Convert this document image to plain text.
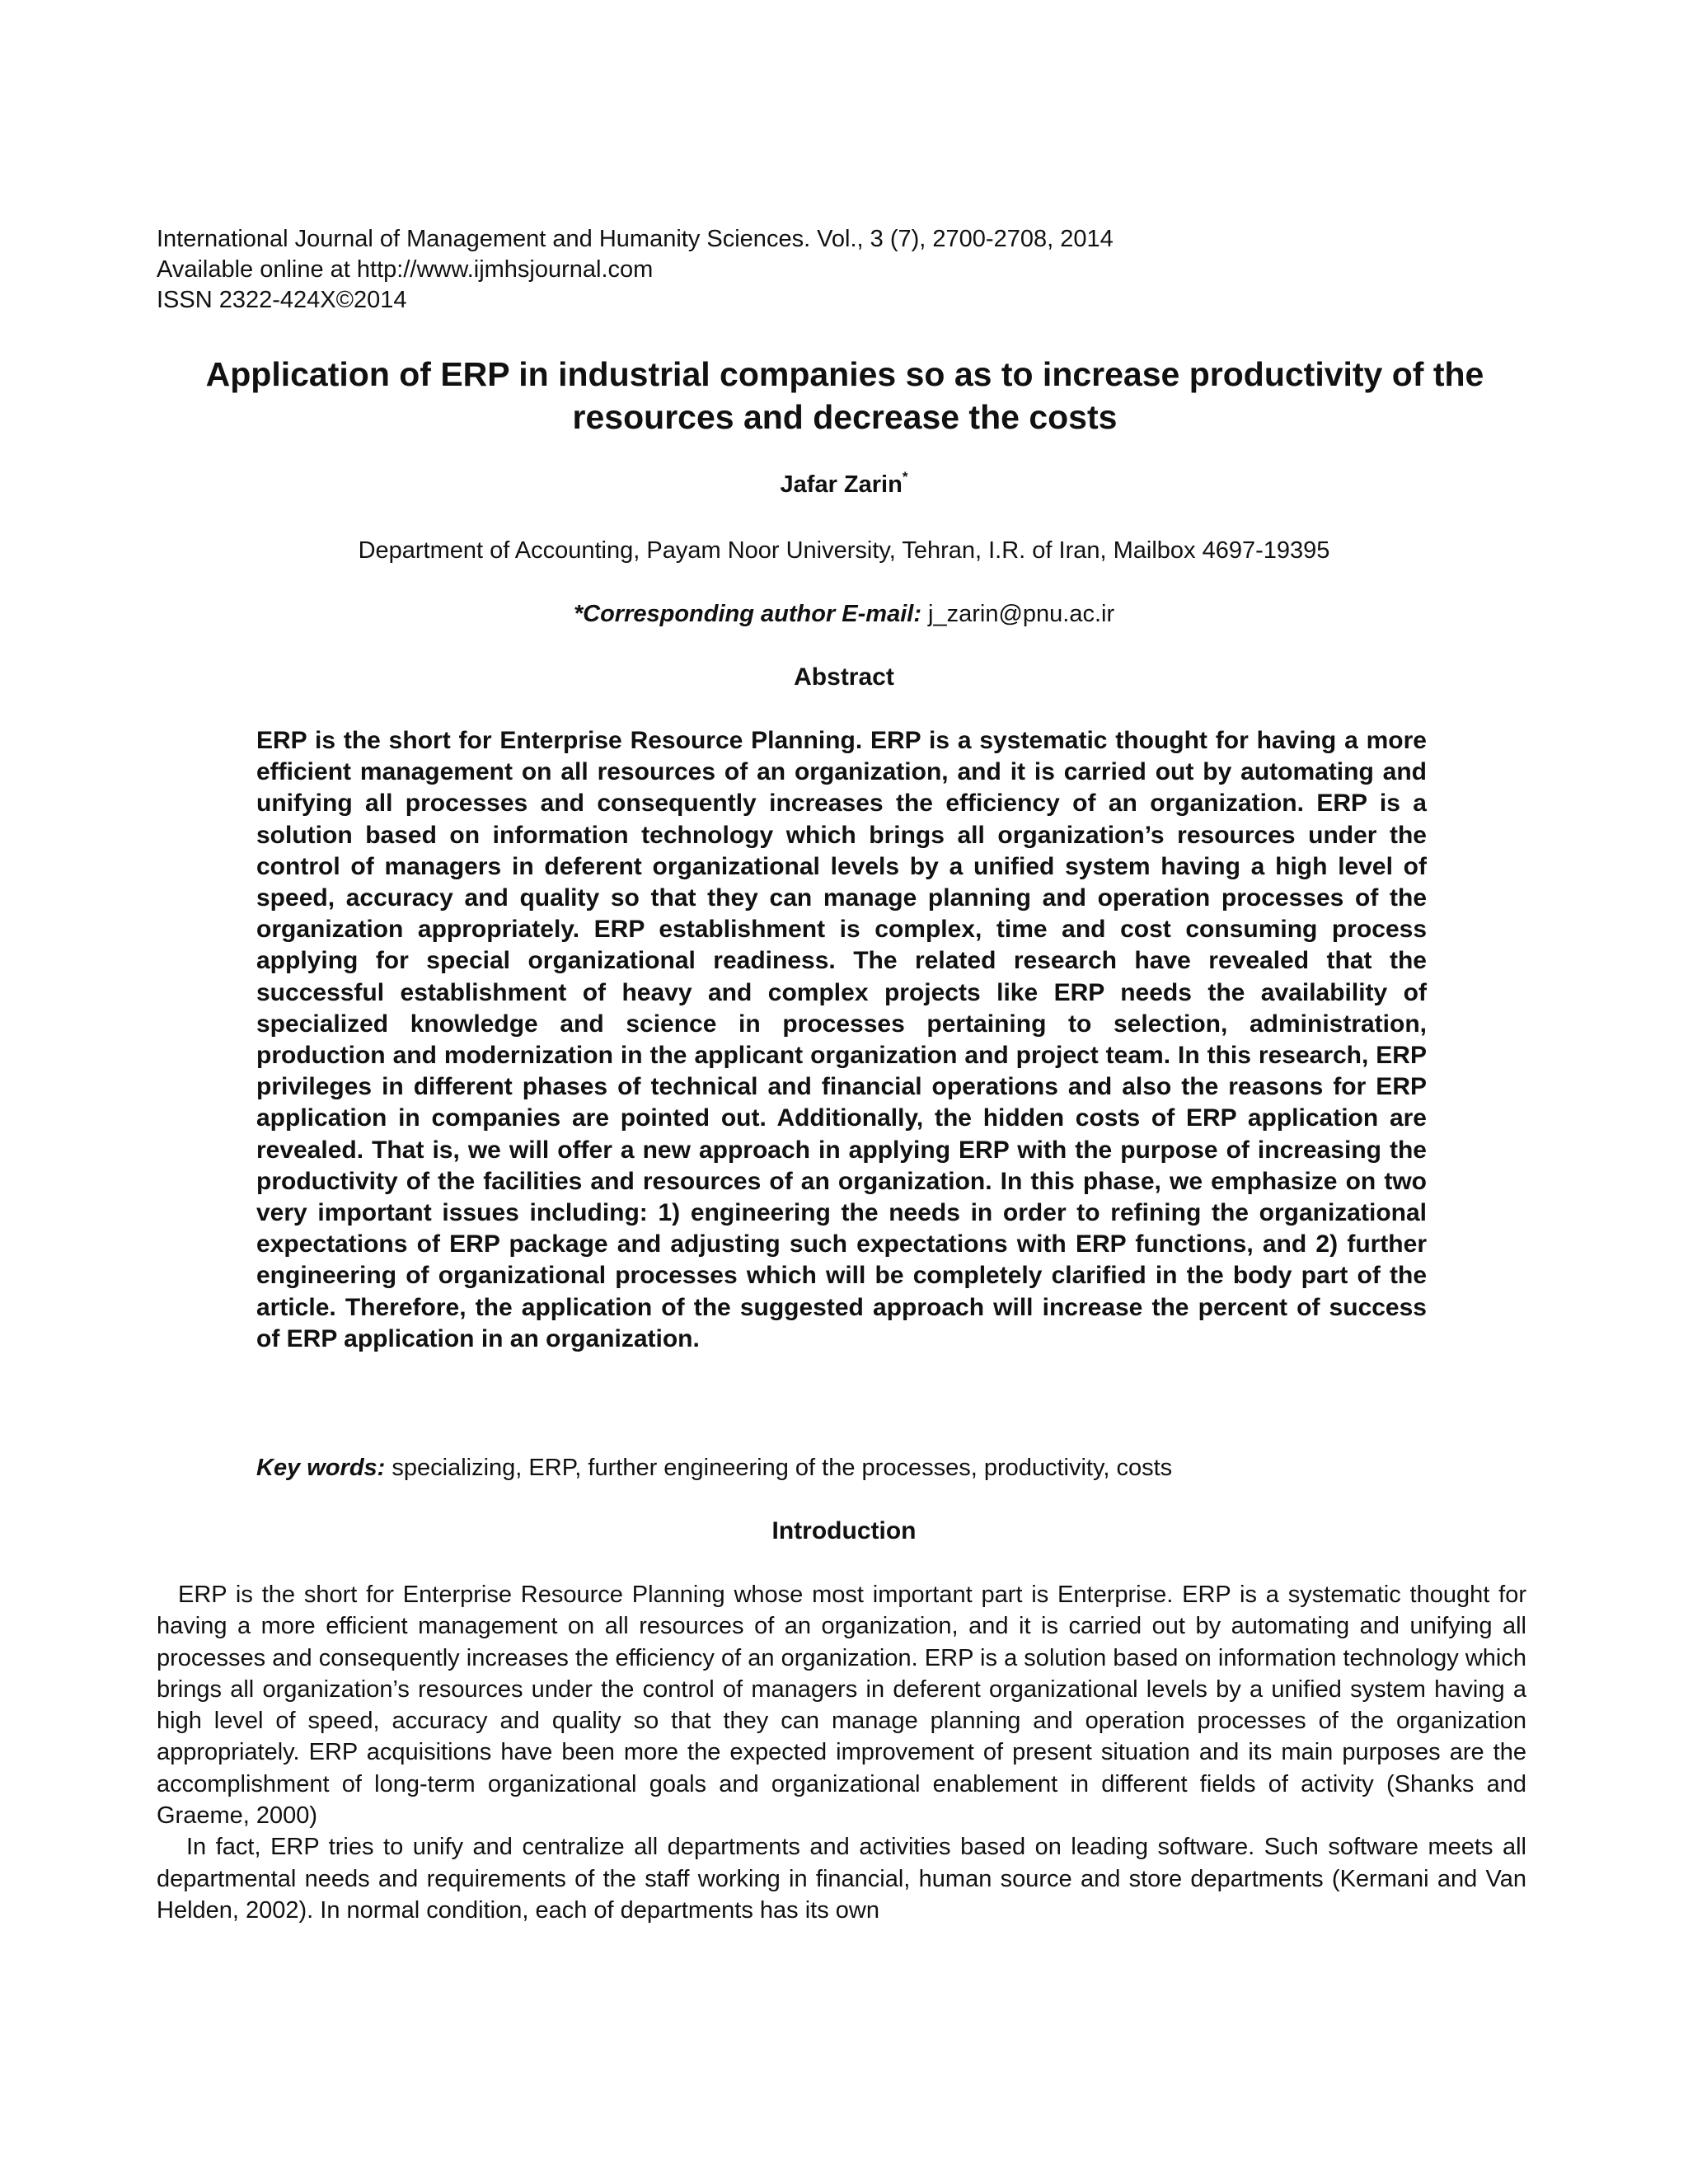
International Journal of Management and Humanity Sciences. Vol., 3 (7), 2700-2708, 2014
Available online at http://www.ijmhsjournal.com
ISSN 2322-424X©2014
Application of ERP in industrial companies so as to increase productivity of the resources and decrease the costs
Jafar Zarin*
Department of Accounting, Payam Noor University, Tehran, I.R. of Iran, Mailbox 4697-19395
*Corresponding author E-mail: j_zarin@pnu.ac.ir
Abstract

ERP is the short for Enterprise Resource Planning. ERP is a systematic thought for having a more efficient management on all resources of an organization, and it is carried out by automating and unifying all processes and consequently increases the efficiency of an organization. ERP is a solution based on information technology which brings all organization’s resources under the control of managers in deferent organizational levels by a unified system having a high level of speed, accuracy and quality so that they can manage planning and operation processes of the organization appropriately. ERP establishment is complex, time and cost consuming process applying for special organizational readiness. The related research have revealed that the successful establishment of heavy and complex projects like ERP needs the availability of specialized knowledge and science in processes pertaining to selection, administration, production and modernization in the applicant organization and project team. In this research, ERP privileges in different phases of technical and financial operations and also the reasons for ERP application in companies are pointed out. Additionally, the hidden costs of ERP application are revealed. That is, we will offer a new approach in applying ERP with the purpose of increasing the productivity of the facilities and resources of an organization. In this phase, we emphasize on two very important issues including: 1) engineering the needs in order to refining the organizational expectations of ERP package and adjusting such expectations with ERP functions, and 2) further engineering of organizational processes which will be completely clarified in the body part of the article. Therefore, the application of the suggested approach will increase the percent of success of ERP application in an organization.

Key words: specializing, ERP, further engineering of the processes, productivity, costs
Introduction

ERP is the short for Enterprise Resource Planning whose most important part is Enterprise. ERP is a systematic thought for having a more efficient management on all resources of an organization, and it is carried out by automating and unifying all processes and consequently increases the efficiency of an organization. ERP is a solution based on information technology which brings all organization’s resources under the control of managers in deferent organizational levels by a unified system having a high level of speed, accuracy and quality so that they can manage planning and operation processes of the organization appropriately. ERP acquisitions have been more the expected improvement of present situation and its main purposes are the accomplishment of long-term organizational goals and organizational enablement in different fields of activity (Shanks and Graeme, 2000)

In fact, ERP tries to unify and centralize all departments and activities based on leading software. Such software meets all departmental needs and requirements of the staff working in financial, human source and store departments (Kermani and Van Helden, 2002). In normal condition, each of departments has its own
